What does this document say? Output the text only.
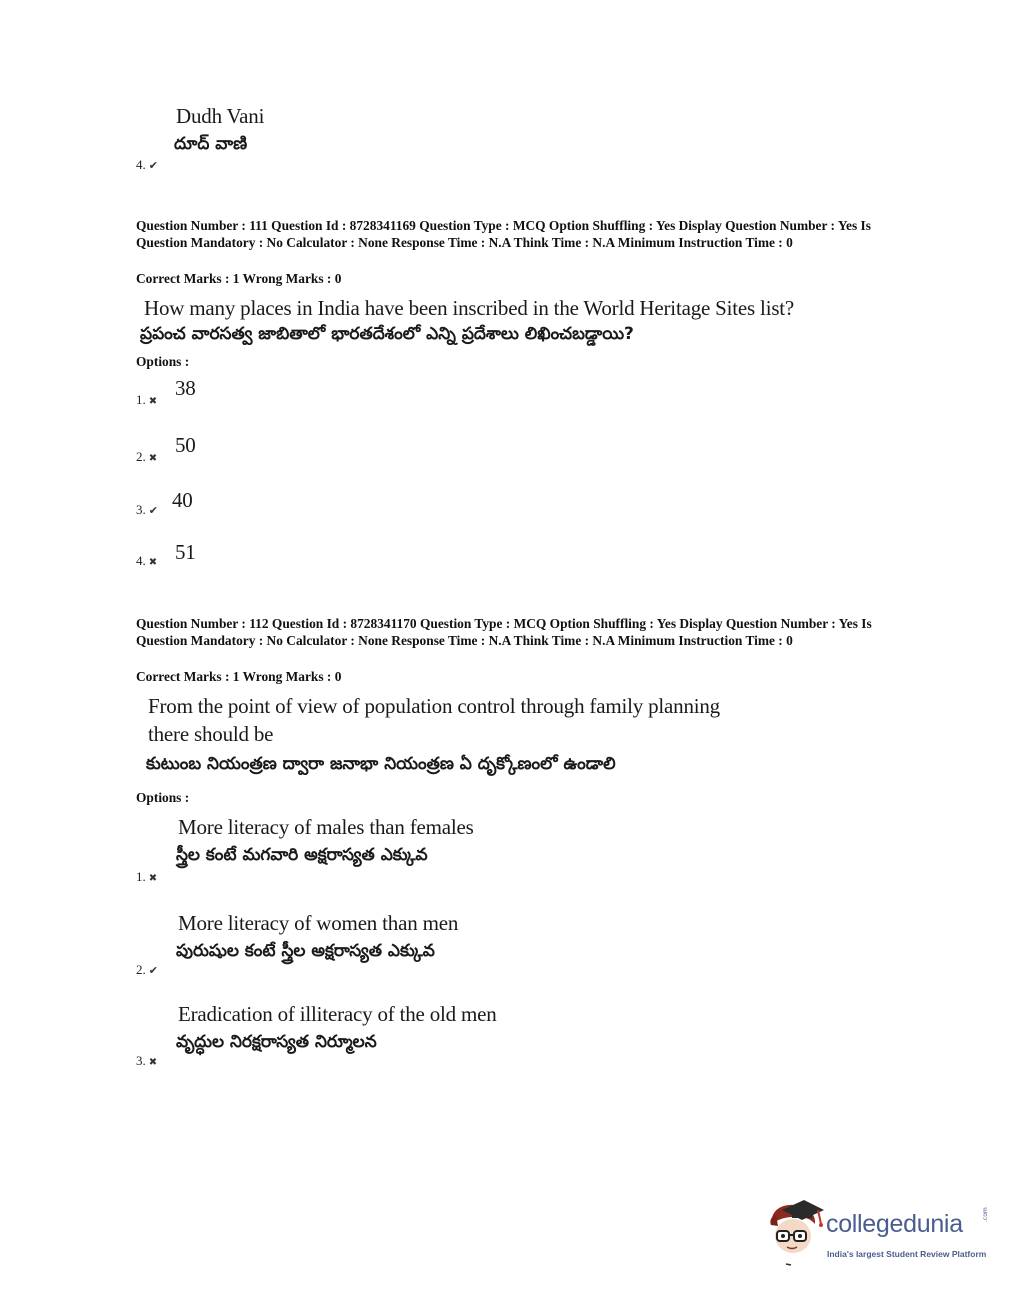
Dudh Vani
దూద్ వాణి
4. ✔
Question Number : 111 Question Id : 8728341169 Question Type : MCQ Option Shuffling : Yes Display Question Number : Yes Is Question Mandatory : No Calculator : None Response Time : N.A Think Time : N.A Minimum Instruction Time : 0
Correct Marks : 1 Wrong Marks : 0
How many places in India have been inscribed in the World Heritage Sites list?
ప్రపంచ వారసత్వ జాబితాలో భారతదేశంలో ఎన్ని ప్రదేశాలు లిఖించబడ్డాయి?
Options :
1. ✖
38
2. ✖
50
3. ✔ 40
4. ✖ 51
Question Number : 112 Question Id : 8728341170 Question Type : MCQ Option Shuffling : Yes Display Question Number : Yes Is Question Mandatory : No Calculator : None Response Time : N.A Think Time : N.A Minimum Instruction Time : 0
Correct Marks : 1 Wrong Marks : 0
From the point of view of population control through family planning
there should be
కుటుంబ నియంత్రణ ద్వారా జనాభా నియంత్రణ ఏ దృక్కోణంలో ఉండాలి
Options :
More literacy of males than females
స్త్రీల కంటే మగవారి అక్షరాస్యత ఎక్కువ
1. ✖
More literacy of women than men
పురుషుల కంటే స్త్రీల అక్షరాస్యత ఎక్కువ
2. ✔
Eradication of illiteracy of the old men
వృద్ధుల నిరక్షరాస్యత నిర్మూలన
3. ✖
collegedunia	.com
India's largest Student Review Platform
